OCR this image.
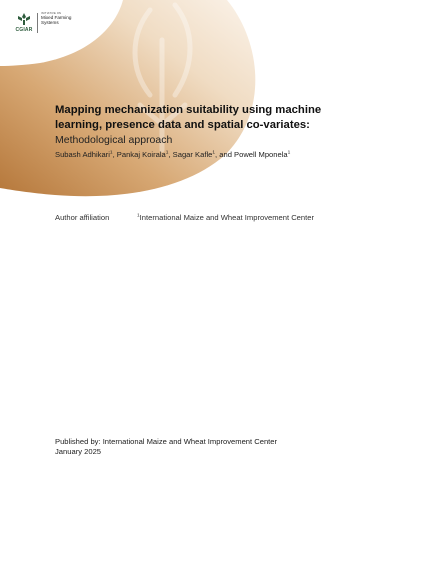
CGIAR
INITIATIVE ON
Mixed Farming
Systems
Mapping mechanization suitability using machine
learning, presence data and spatial co-variates:
Methodological approach
Subash Adhikari$^1$, Pankaj Koirala$^1$, Sagar Kafle$^1$, and Powell Mponela$^1$
Author affiliation	$^1$International Maize and Wheat Improvement Center
Published by: International Maize and Wheat Improvement Center
January 2025
